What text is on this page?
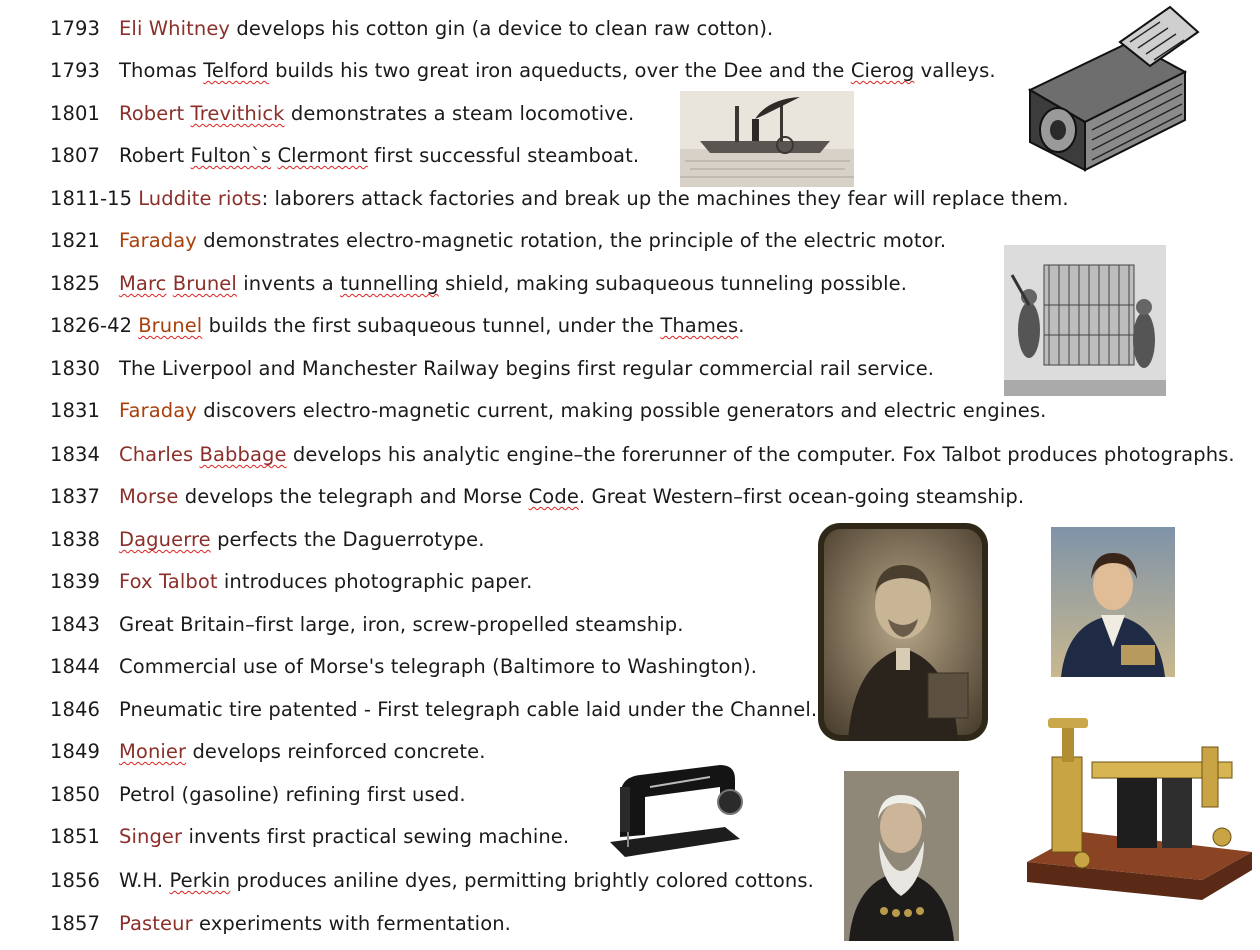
1793 Eli Whitney develops his cotton gin (a device to clean raw cotton).
1793 Thomas Telford builds his two great iron aqueducts, over the Dee and the Cierog valleys.
1801 Robert Trevithick demonstrates a steam locomotive.
1807 Robert Fulton`s Clermont first successful steamboat.
1811-15 Luddite riots: laborers attack factories and break up the machines they fear will replace them.
1821 Faraday demonstrates electro-magnetic rotation, the principle of the electric motor.
1825 Marc Brunel invents a tunnelling shield, making subaqueous tunneling possible.
1826-42 Brunel builds the first subaqueous tunnel, under the Thames.
1830 The Liverpool and Manchester Railway begins first regular commercial rail service.
1831 Faraday discovers electro-magnetic current, making possible generators and electric engines.
1834 Charles Babbage develops his analytic engine–the forerunner of the computer. Fox Talbot produces photographs.
1837 Morse develops the telegraph and Morse Code. Great Western–first ocean-going steamship.
1838 Daguerre perfects the Daguerrotype.
1839 Fox Talbot introduces photographic paper.
1843 Great Britain–first large, iron, screw-propelled steamship.
1844 Commercial use of Morse's telegraph (Baltimore to Washington).
1846 Pneumatic tire patented - First telegraph cable laid under the Channel.
1849 Monier develops reinforced concrete.
1850 Petrol (gasoline) refining first used.
1851 Singer invents first practical sewing machine.
1856 W.H. Perkin produces aniline dyes, permitting brightly colored cottons.
1857 Pasteur experiments with fermentation.
